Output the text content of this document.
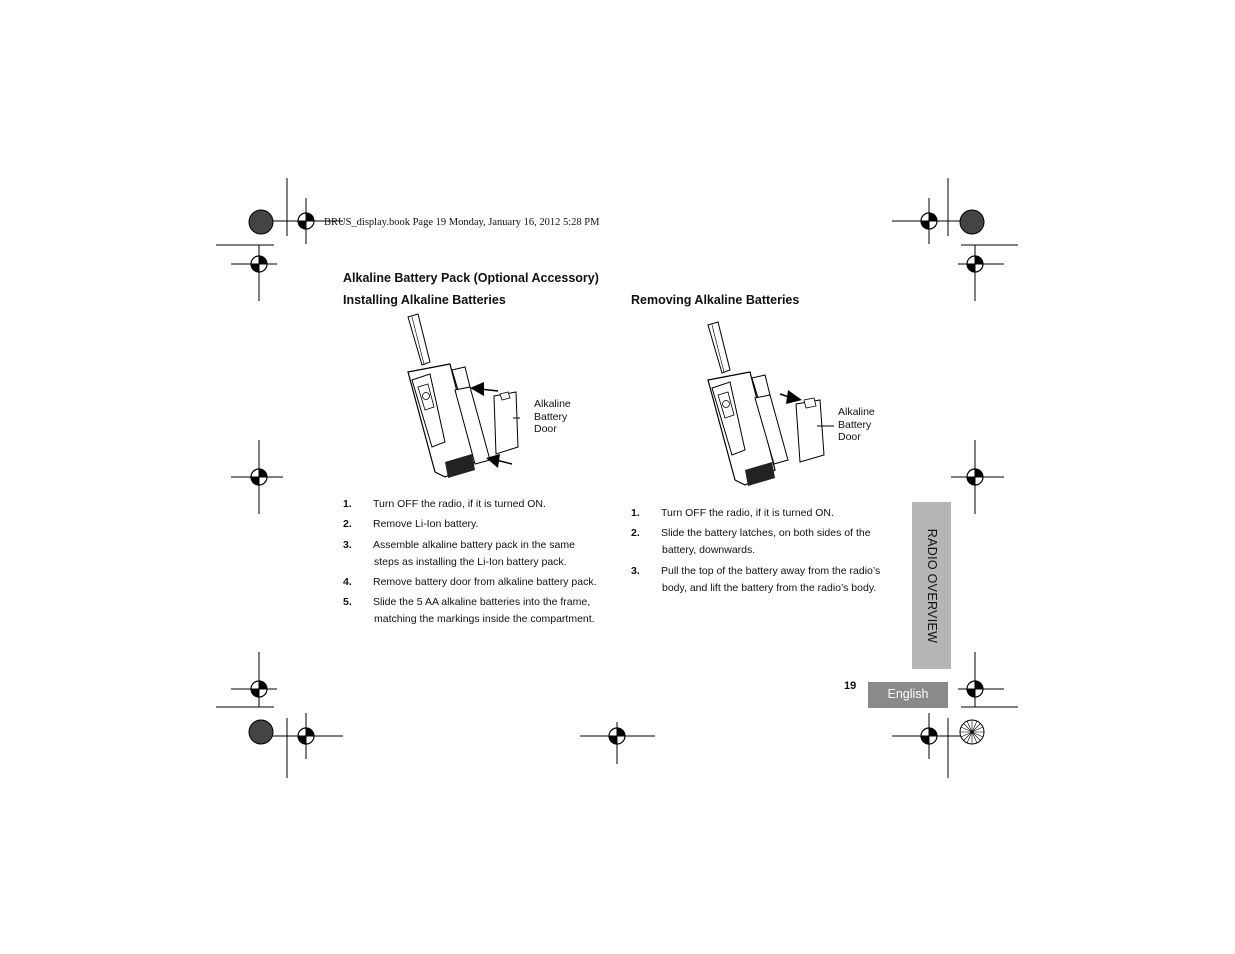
BRUS_display.book Page 19 Monday, January 16, 2012 5:28 PM
Alkaline Battery Pack (Optional Accessory)
Installing Alkaline Batteries
Alkaline
Battery
Door
1. Turn OFF the radio, if it is turned ON.
2. Remove Li-Ion battery.
3. Assemble alkaline battery pack in the same
steps as installing the Li-Ion battery pack.
4. Remove battery door from alkaline battery pack.
5. Slide the 5 AA alkaline batteries into the frame,
matching the markings inside the compartment.
Removing Alkaline Batteries
Alkaline
Battery
Door
1. Turn OFF the radio, if it is turned ON.
2. Slide the battery latches, on both sides of the
battery, downwards.
3. Pull the top of the battery away from the radio’s
body, and lift the battery from the radio’s body.	RADIO OVERVIEW
19
English
